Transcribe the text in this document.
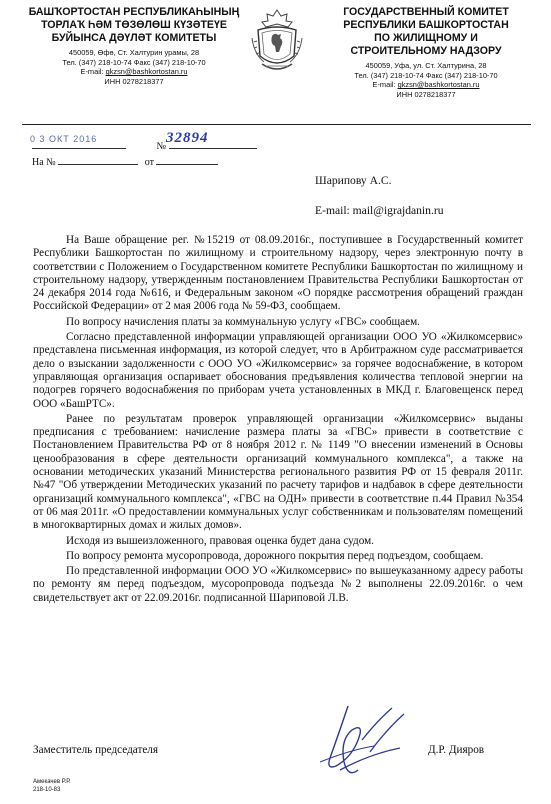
БАШҠОРТОСТАН РЕСПУБЛИКАҺЫНЫҢ
ТОРЛАҠ ҺӘМ ТӨЗӨЛӨШ КҮЗӘТЕҮЕ
БУЙЫНСА ДӘҮЛӘТ КОМИТЕТЫ
450059, Өфө, Ст. Халтурин урамы, 28
Тел. (347) 218-10-74 Факс (347) 218-10-70
E-mail: gkzsn@bashkortostan.ru
ИНН 0278218377
ГОСУДАРСТВЕННЫЙ КОМИТЕТ
РЕСПУБЛИКИ БАШКОРТОСТАН
ПО ЖИЛИЩНОМУ И
СТРОИТЕЛЬНОМУ НАДЗОРУ
450059, Уфа, ул. Ст. Халтурина, 28
Тел. (347) 218-10-74 Факс (347) 218-10-70
E-mail: gkzsn@bashkortostan.ru
ИНН 0278218377
№
0 3 ОКТ 2016	32894
На №	от
Шарипову А.С.
E-mail: mail@igrajdanin.ru

На Ваше обращение рег. №15219 от 08.09.2016г., поступившее в Государственный комитет Республики Башкортостан по жилищному и строительному надзору, через электронную почту в соответствии с Положением о Государственном комитете Республики Башкортостан по жилищному и строительному надзору, утвержденным постановлением Правительства Республики Башкортостан от 24 декабря 2014 года №616, и Федеральным законом «О порядке рассмотрения обращений граждан Российской Федерации» от 2 мая 2006 года № 59-ФЗ, сообщаем.

По вопросу начисления платы за коммунальную услугу «ГВС» сообщаем.

Согласно представленной информации управляющей организации ООО УО «Жилкомсервис» представлена письменная информация, из которой следует, что в Арбитражном суде рассматривается дело о взыскании задолженности с ООО УО «Жилкомсервис» за горячее водоснабжение, в котором управляющая организация оспаривает обоснования предъявления количества тепловой энергии на подогрев горячего водоснабжения по приборам учета установленных в МКД г. Благовещенск перед ООО «БашРТС».

Ранее по результатам проверок управляющей организации «Жилкомсервис» выданы предписания с требованием: начисление размера платы за «ГВС» привести в соответствие с Постановлением Правительства РФ от 8 ноября 2012 г. № 1149 "О внесении изменений в Основы ценообразования в сфере деятельности организаций коммунального комплекса", а также на основании методических указаний Министерства регионального развития РФ от 15 февраля 2011г. №47 "Об утверждении Методических указаний по расчету тарифов и надбавок в сфере деятельности организаций коммунального комплекса", «ГВС на ОДН» привести в соответствие п.44 Правил №354 от 06 мая 2011г. «О предоставлении коммунальных услуг собственникам и пользователям помещений в многоквартирных домах и жилых домов».

Исходя из вышеизложенного, правовая оценка будет дана судом.

По вопросу ремонта мусоропровода, дорожного покрытия перед подъездом, сообщаем.

По представленной информации ООО УО «Жилкомсервис» по вышеуказанному адресу работы по ремонту ям перед подъездом, мусоропровода подъезда №2 выполнены 22.09.2016г. о чем свидетельствует акт от 22.09.2016г. подписанной Шариповой Л.В.

Заместитель председателя	Д.Р. Дияров
Амекачев Р.Р.
218-10-83
